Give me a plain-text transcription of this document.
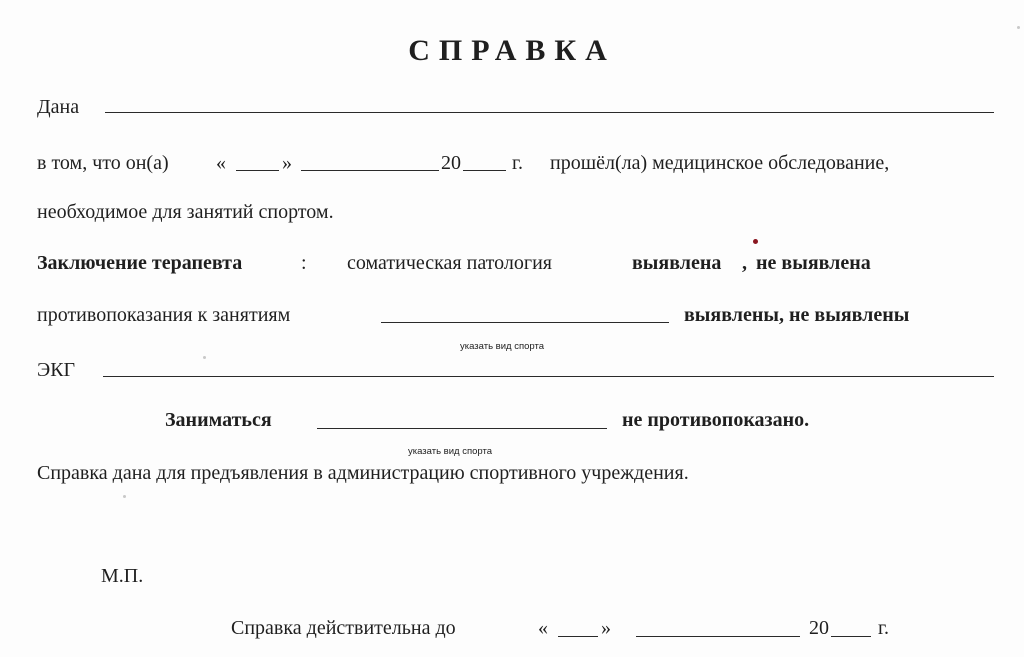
СПРАВКА
Дана
в том, что он(а) «	»	20	г. прошёл(ла) медицинское обследование,
необходимое для занятий спортом.
Заключение терапевта	: соматическая патология	выявлена , не выявлена
противопоказания к занятиям	выявлены, не выявлены
указать вид спорта
ЭКГ
Заниматься	не противопоказано.
указать вид спорта
Справка дана для предъявления в администрацию спортивного учреждения.
М.П.
Справка действительна до	«	»	20 г.
